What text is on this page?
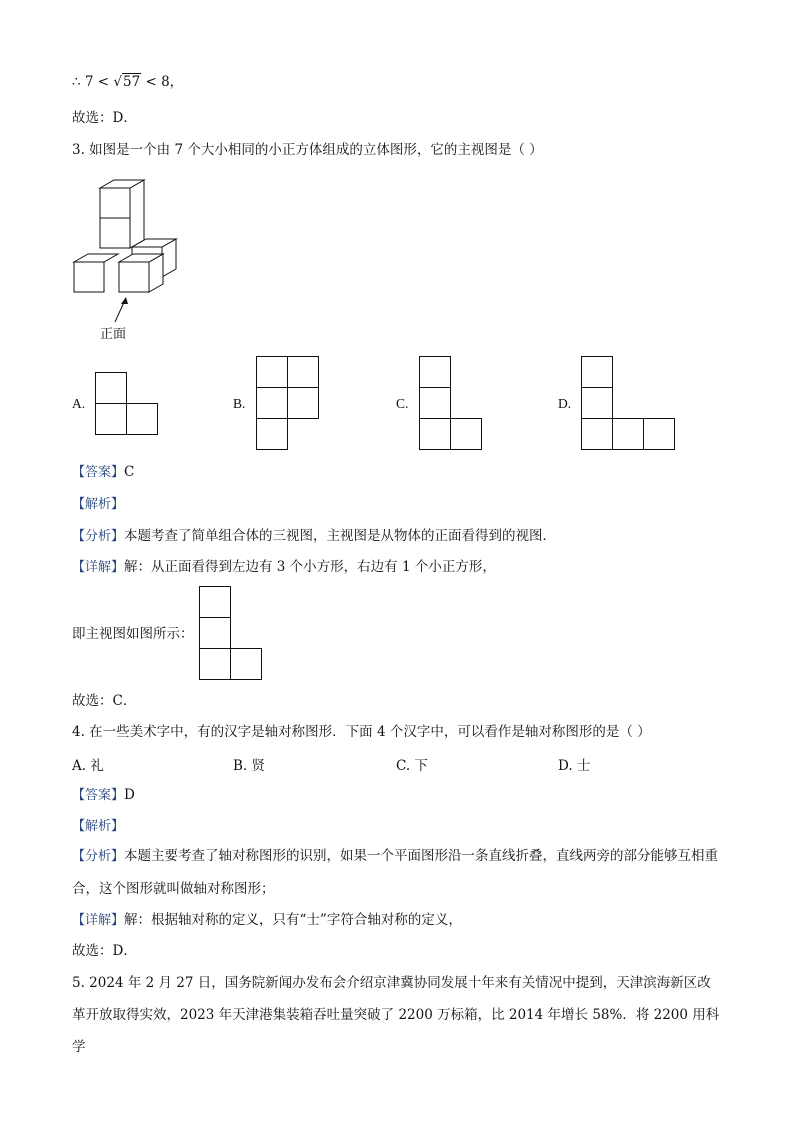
∴ 7 < √57 < 8，
故选：D．
3. 如图是一个由 7 个大小相同的小正方体组成的立体图形，它的主视图是（ ）
正面
A.	B.	C.	D.
【答案】C
【解析】
【分析】本题考查了简单组合体的三视图，主视图是从物体的正面看得到的视图．
【详解】解：从正面看得到左边有 3 个小方形，右边有 1 个小正方形，
即主视图如图所示：
故选：C．
4. 在一些美术字中，有的汉字是轴对称图形．下面 4 个汉字中，可以看作是轴对称图形的是（ ）
A. 礼	B. 贤	C. 下	D. 士
【答案】D
【解析】
【分析】本题主要考查了轴对称图形的识别，如果一个平面图形沿一条直线折叠，直线两旁的部分能够互相重合，这个图形就叫做轴对称图形；
【详解】解：根据轴对称的定义，只有“士”字符合轴对称的定义，
故选：D．
5. 2024 年 2 月 27 日，国务院新闻办发布会介绍京津冀协同发展十年来有关情况中提到，天津滨海新区改革开放取得实效，2023 年天津港集装箱吞吐量突破了 2200 万标箱，比 2014 年增长 58%．将 2200 用科学
